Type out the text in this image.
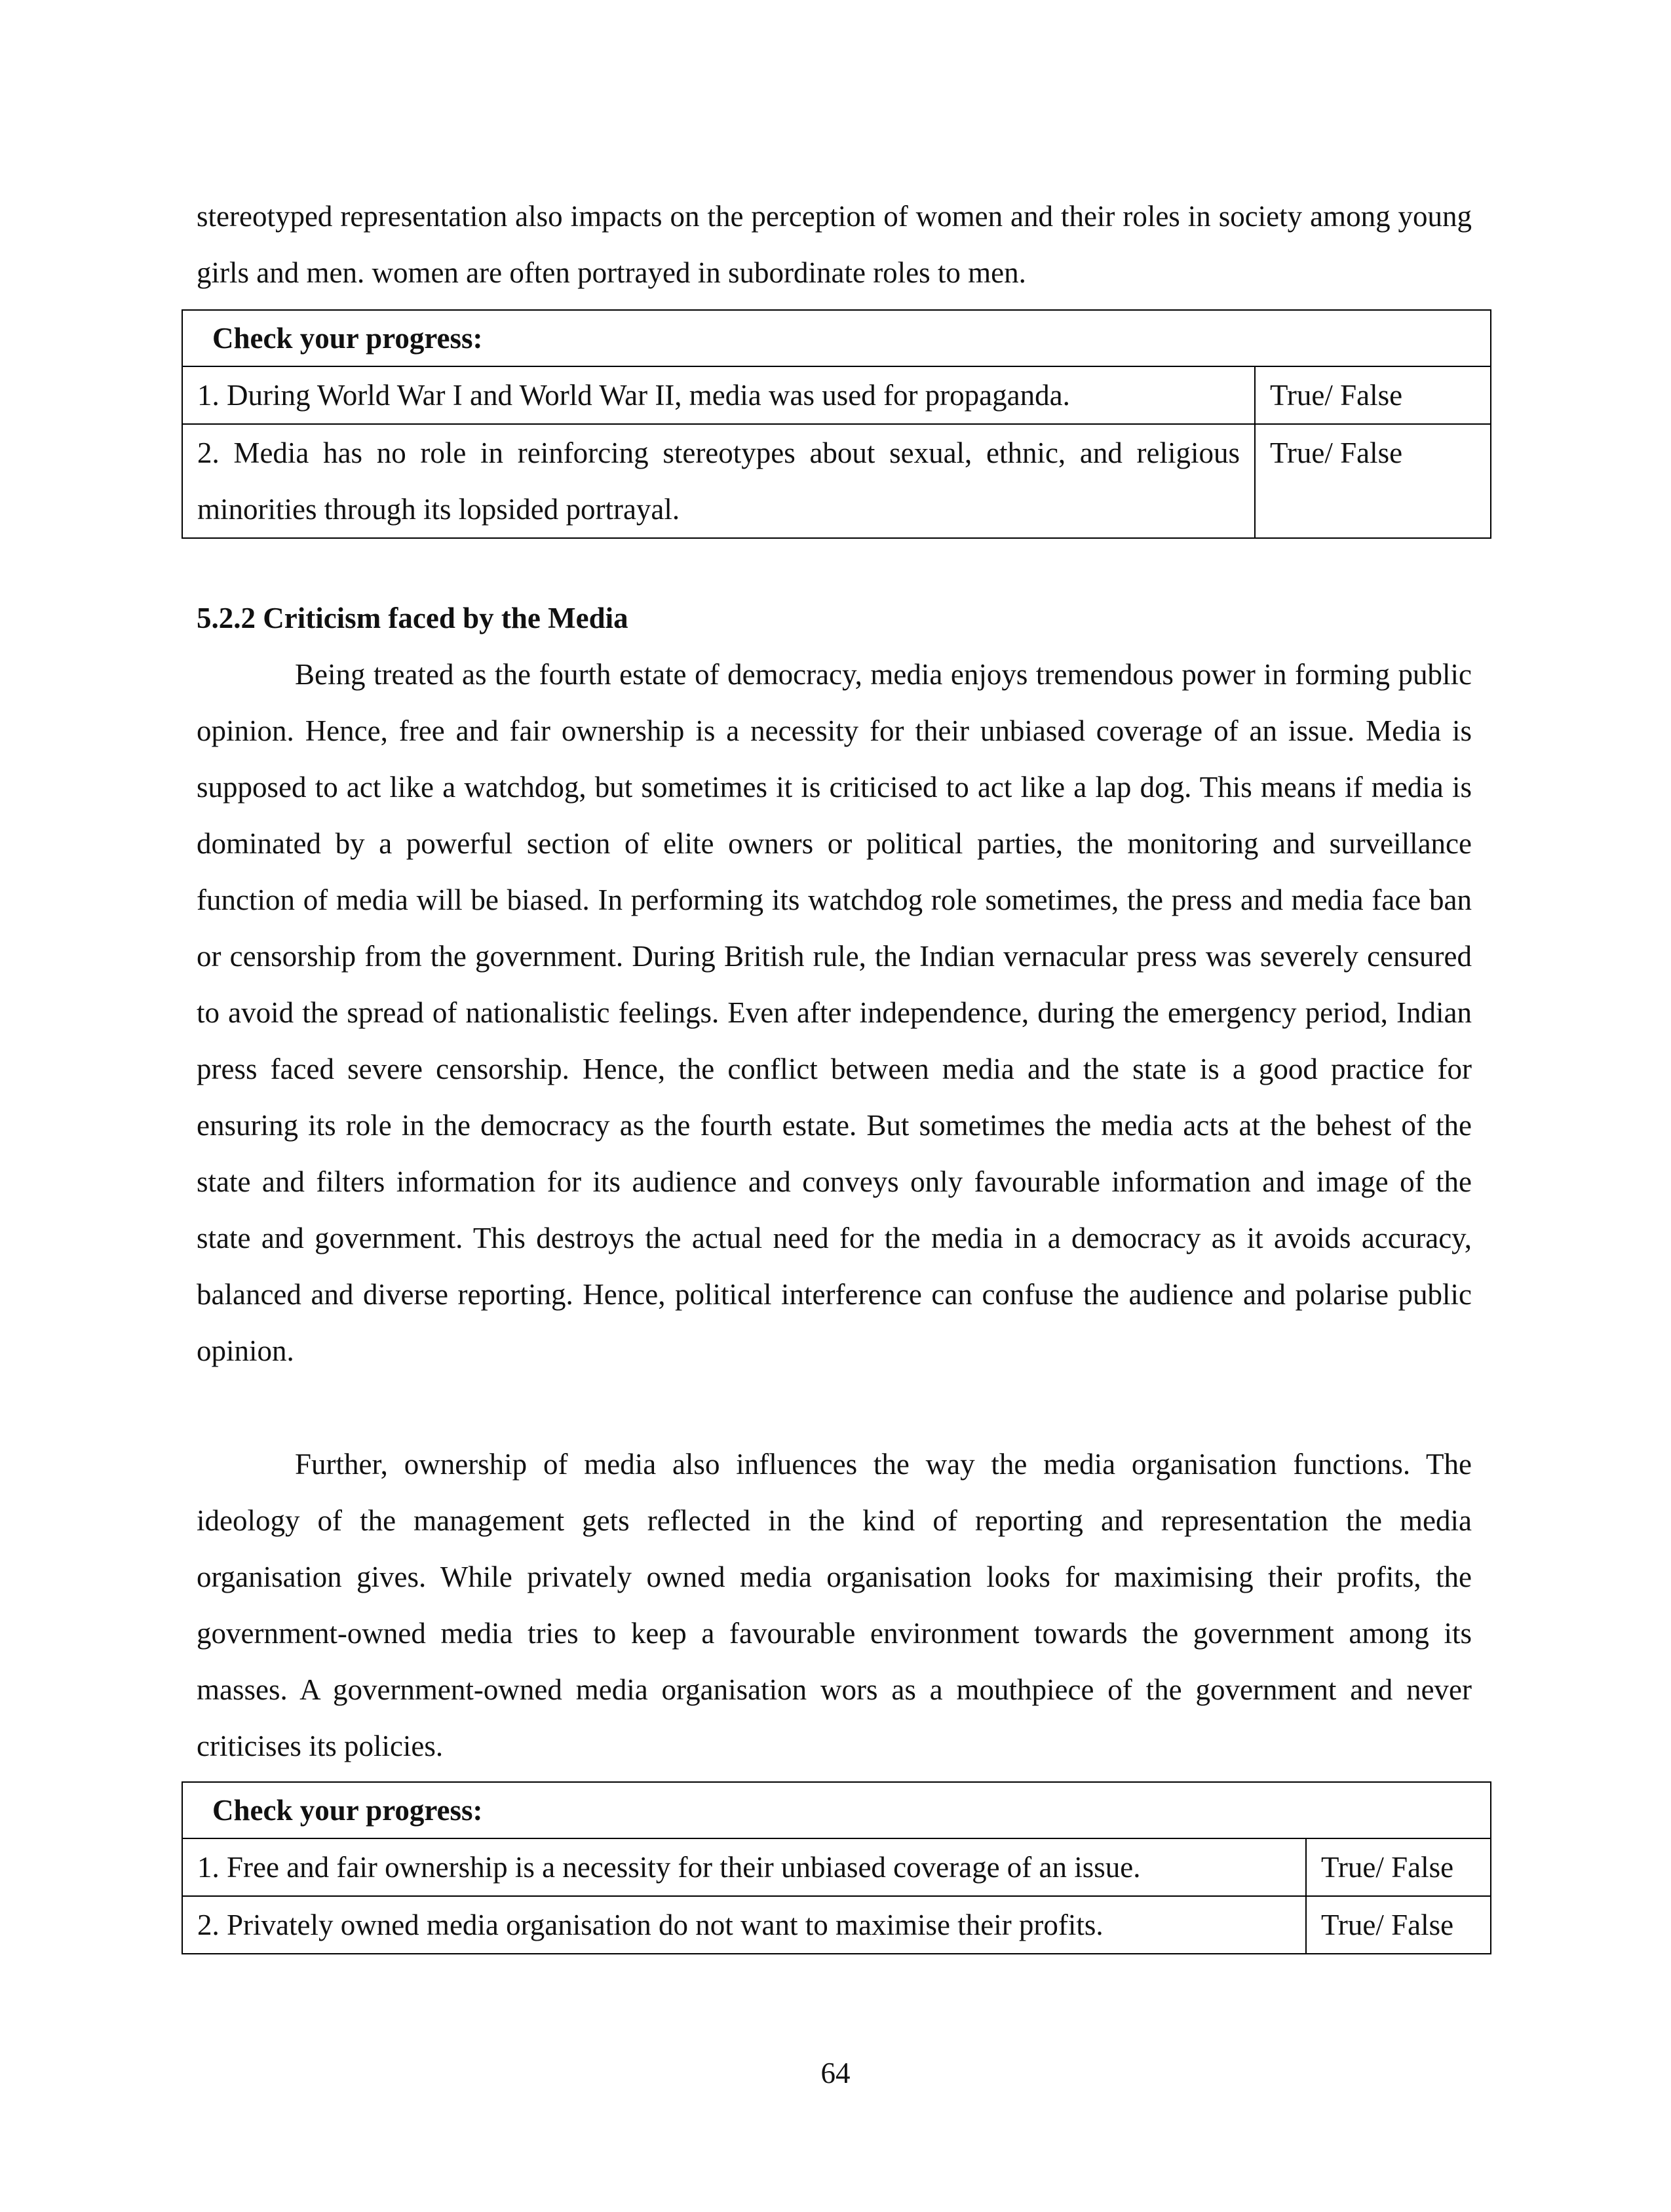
stereotyped representation also impacts on the perception of women and their roles in society among young girls and men. women are often portrayed in subordinate roles to men.

Check your progress:	
1. During World War I and World War II, media was used for propaganda.	True/ False
2. Media has no role in reinforcing stereotypes about sexual, ethnic, and religious minorities through its lopsided portrayal.	True/ False
5.2.2 Criticism faced by the Media

Being treated as the fourth estate of democracy, media enjoys tremendous power in forming public opinion. Hence, free and fair ownership is a necessity for their unbiased coverage of an issue. Media is supposed to act like a watchdog, but sometimes it is criticised to act like a lap dog. This means if media is dominated by a powerful section of elite owners or political parties, the monitoring and surveillance function of media will be biased. In performing its watchdog role sometimes, the press and media face ban or censorship from the government. During British rule, the Indian vernacular press was severely censured to avoid the spread of nationalistic feelings. Even after independence, during the emergency period, Indian press faced severe censorship. Hence, the conflict between media and the state is a good practice for ensuring its role in the democracy as the fourth estate. But sometimes the media acts at the behest of the state and filters information for its audience and conveys only favourable information and image of the state and government. This destroys the actual need for the media in a democracy as it avoids accuracy, balanced and diverse reporting. Hence, political interference can confuse the audience and polarise public opinion.

Further, ownership of media also influences the way the media organisation functions. The ideology of the management gets reflected in the kind of reporting and representation the media organisation gives. While privately owned media organisation looks for maximising their profits, the government-owned media tries to keep a favourable environment towards the government among its masses. A government-owned media organisation wors as a mouthpiece of the government and never criticises its policies.

Check your progress:	
1. Free and fair ownership is a necessity for their unbiased coverage of an issue.	True/ False
2. Privately owned media organisation do not want to maximise their profits.	True/ False
64
